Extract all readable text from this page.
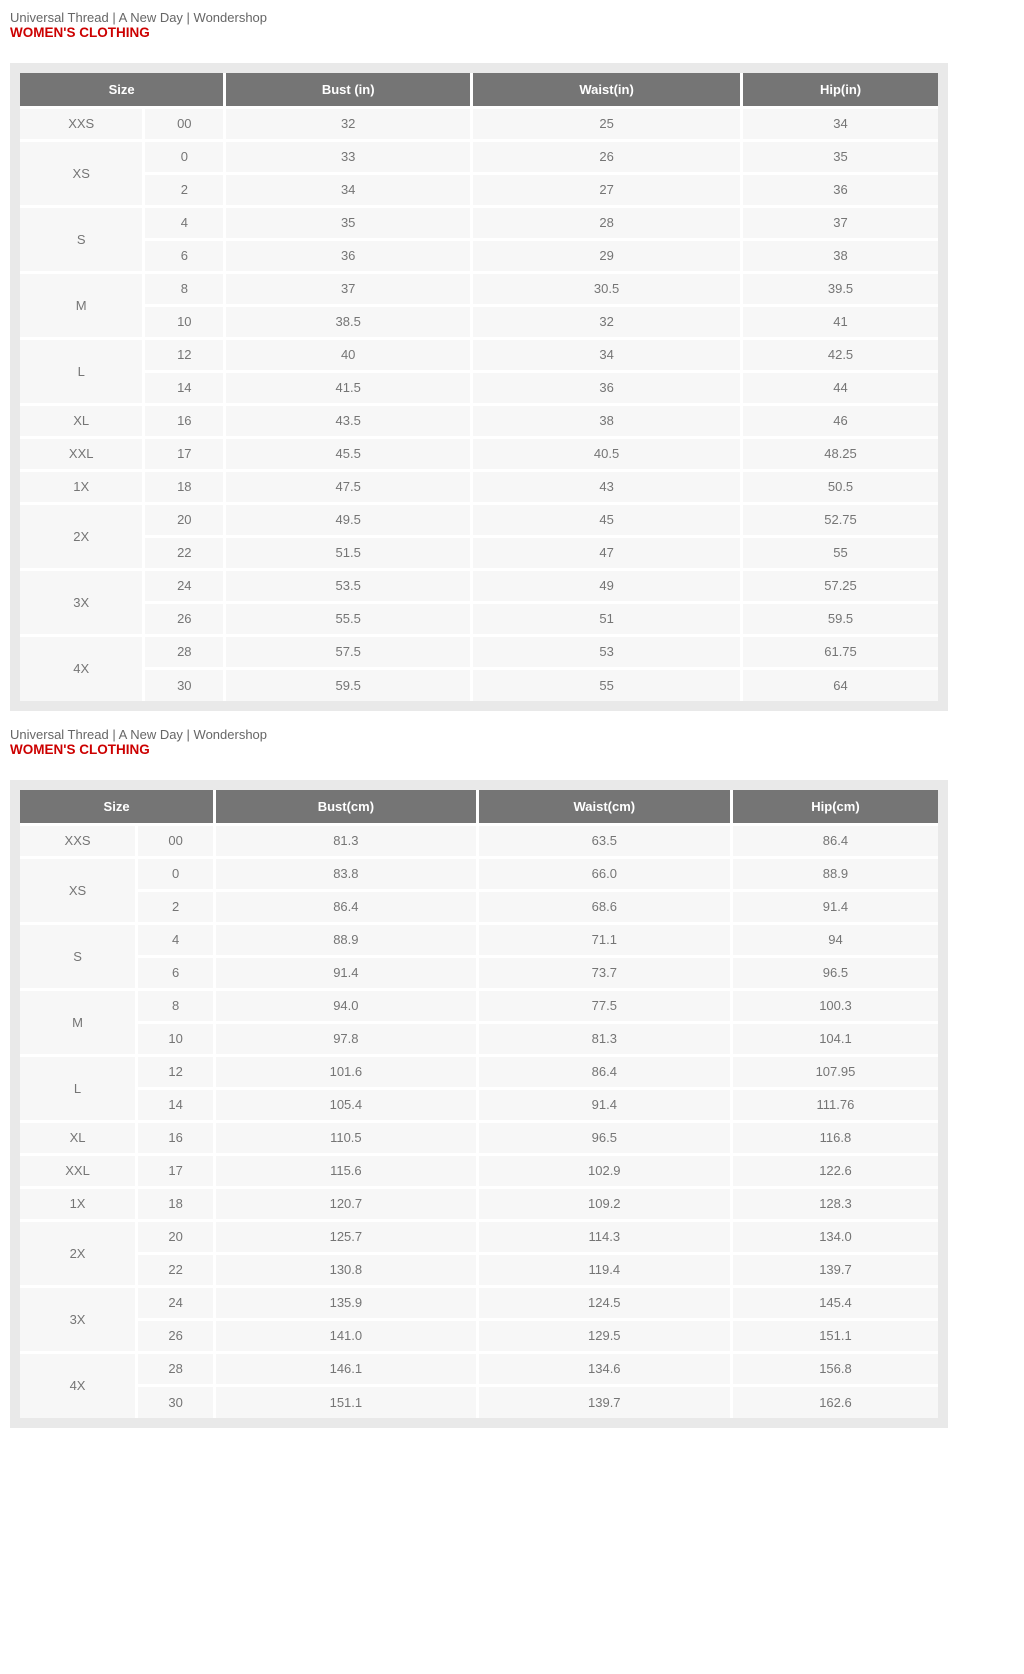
Universal Thread | A New Day | Wondershop
WOMEN'S CLOTHING
Size		Bust (in)	Waist(in)	Hip(in)
XXS	00	32	25	34
XS	0	33	26	35
	2	34	27	36
S	4	35	28	37
	6	36	29	38
M	8	37	30.5	39.5
	10	38.5	32	41
L	12	40	34	42.5
	14	41.5	36	44
XL	16	43.5	38	46
XXL	17	45.5	40.5	48.25
1X	18	47.5	43	50.5
2X	20	49.5	45	52.75
	22	51.5	47	55
3X	24	53.5	49	57.25
	26	55.5	51	59.5
4X	28	57.5	53	61.75
	30	59.5	55	64
Universal Thread | A New Day | Wondershop
WOMEN'S CLOTHING
Size		Bust(cm)	Waist(cm)	Hip(cm)
XXS	00	81.3	63.5	86.4
XS	0	83.8	66.0	88.9
	2	86.4	68.6	91.4
S	4	88.9	71.1	94
	6	91.4	73.7	96.5
M	8	94.0	77.5	100.3
	10	97.8	81.3	104.1
L	12	101.6	86.4	107.95
	14	105.4	91.4	111.76
XL	16	110.5	96.5	116.8
XXL	17	115.6	102.9	122.6
1X	18	120.7	109.2	128.3
2X	20	125.7	114.3	134.0
	22	130.8	119.4	139.7
3X	24	135.9	124.5	145.4
	26	141.0	129.5	151.1
4X	28	146.1	134.6	156.8
	30	151.1	139.7	162.6
